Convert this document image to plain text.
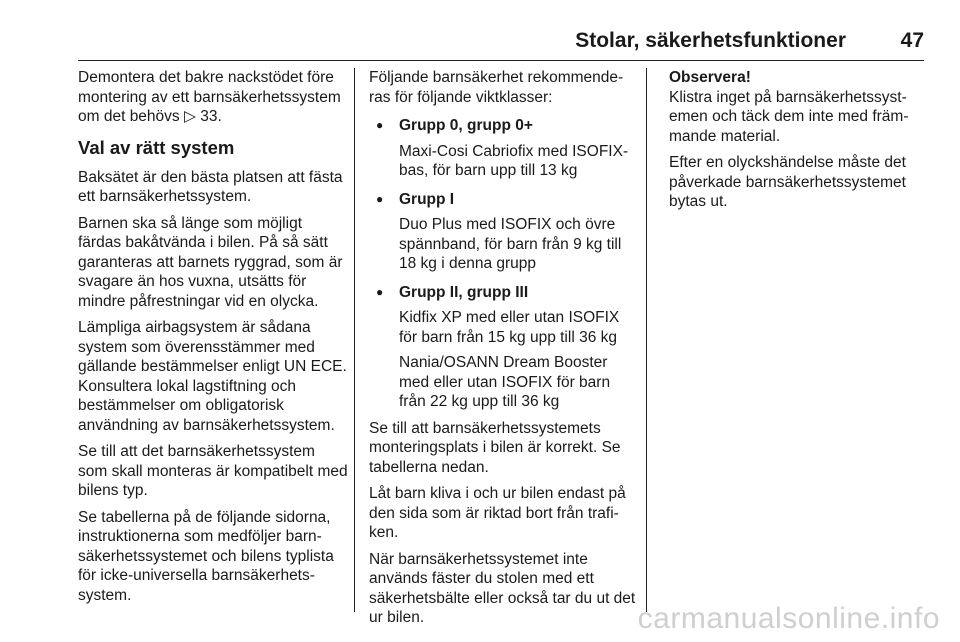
Stolar, säkerhetsfunktioner	47

Demontera det bakre nackstödet före montering av ett barnsäkerhetssystem om det behövs ▷ 33.

Val av rätt system

Baksätet är den bästa platsen att fästa ett barnsäkerhetssystem.

Barnen ska så länge som möjligt färdas bakåtvända i bilen. På så sätt garanteras att barnets ryggrad, som är svagare än hos vuxna, utsätts för mindre påfrestningar vid en olycka.

Lämpliga airbagsystem är sådana system som överensstämmer med gällande bestämmelser enligt UN ECE. Konsultera lokal lagstiftning och bestämmelser om obligatorisk användning av barnsäkerhetssystem.

Se till att det barnsäkerhetssystem som skall monteras är kompatibelt med bilens typ.

Se tabellerna på de följande sidorna, instruktionerna som medföljer barnsäkerhetssystemet och bilens typlista för icke-universella barnsäkerhetssystem.

Följande barnsäkerhet rekommenderas för följande viktklasser:

● Grupp 0, grupp 0+

Maxi-Cosi Cabriofix med ISOFIX-bas, för barn upp till 13 kg

● Grupp I

Duo Plus med ISOFIX och övre spännband, för barn från 9 kg till 18 kg i denna grupp

● Grupp II, grupp III

Kidfix XP med eller utan ISOFIX för barn från 15 kg upp till 36 kg

Nania/OSANN Dream Booster med eller utan ISOFIX för barn från 22 kg upp till 36 kg

Se till att barnsäkerhetssystemets monteringsplats i bilen är korrekt. Se tabellerna nedan.

Låt barn kliva i och ur bilen endast på den sida som är riktad bort från trafiken.

När barnsäkerhetssystemet inte används fäster du stolen med ett säkerhetsbälte eller också tar du ut det ur bilen.

Observera!

Klistra inget på barnsäkerhetssystemen och täck dem inte med främmande material.

Efter en olyckshändelse måste det påverkade barnsäkerhetssystemet bytas ut.

carmanualsonline.info
